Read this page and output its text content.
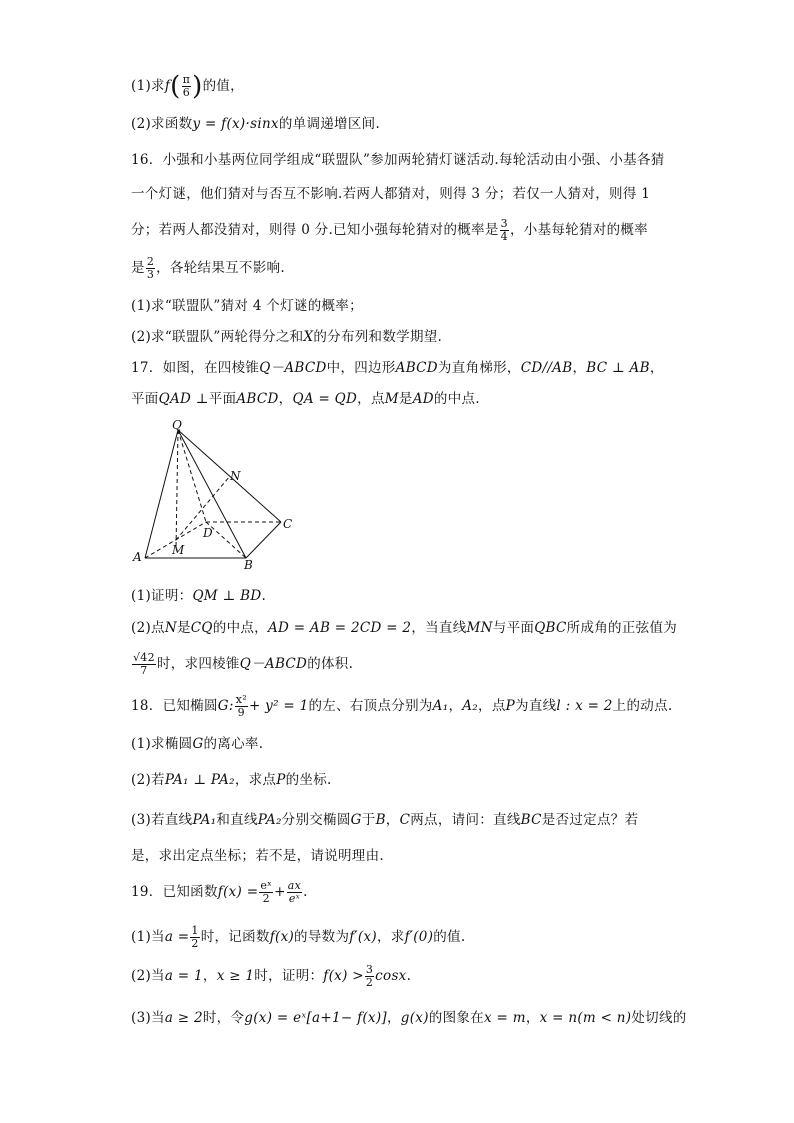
(1)求$f( \frac{\pi}{6}$ )的值，
(2)求函数y = f(x)·sinx的单调递增区间.
16．小强和小基两位同学组成“联盟队”参加两轮猜灯谜活动.每轮活动由小强、小基各猜
一个灯谜，他们猜对与否互不影响.若两人都猜对，则得 3 分；若仅一人猜对，则得 1
分；若两人都没猜对，则得 0 分.已知小强每轮猜对的概率是 $\frac{3}{4}$ ，小基每轮猜对的概率
是 $\frac{2}{3}$ ，各轮结果互不影响.
(1)求“联盟队”猜对 4 个灯谜的概率；
(2)求“联盟队”两轮得分之和X的分布列和数学期望.
17．如图，在四棱锥Q－ABCD中，四边形ABCD为直角梯形，CD//AB，BC ⊥ AB，
平面QAD ⊥平面ABCD，QA = QD，点M是AD的中点.
Q
N
C
D
A	M
B
(1)证明：QM ⊥ BD.
(2)点N是CQ的中点，AD = AB = 2CD = 2，当直线MN与平面QBC所成角的正弦值为
$\frac{√42}{7}$ 时，求四棱锥Q－ABCD的体积.
18．已知椭圆G: $\frac{\text{x²}}{9} + y^2 = 1$的左、右顶点分别为A₁，A₂，点P为直线l : x = 2上的动点.
(1)求椭圆G的离心率.
(2)若PA₁ ⊥ PA₂，求点P的坐标.
(3)若直线PA₁和直线PA₂分别交椭圆G于B，C两点，请问：直线BC是否过定点？若
是，求出定点坐标；若不是，请说明理由.
19．已知函数$f(x) = \frac{\text{eˣ}}{2} + \frac{ax}{\text{eˣ}}$ .
(1)当$a = \frac{1}{2}$ 时，记函数f(x)的导数为f′(x)，求f′(0)的值.
(2)当a = 1，x ≥ 1时，证明：$f(x) > \frac{3}{2} \cos x$.
(3)当a ≥ 2时，令g(x) = eˣ[a+1− f(x)]，g(x)的图象在x = m，x = n(m < n)处切线的
